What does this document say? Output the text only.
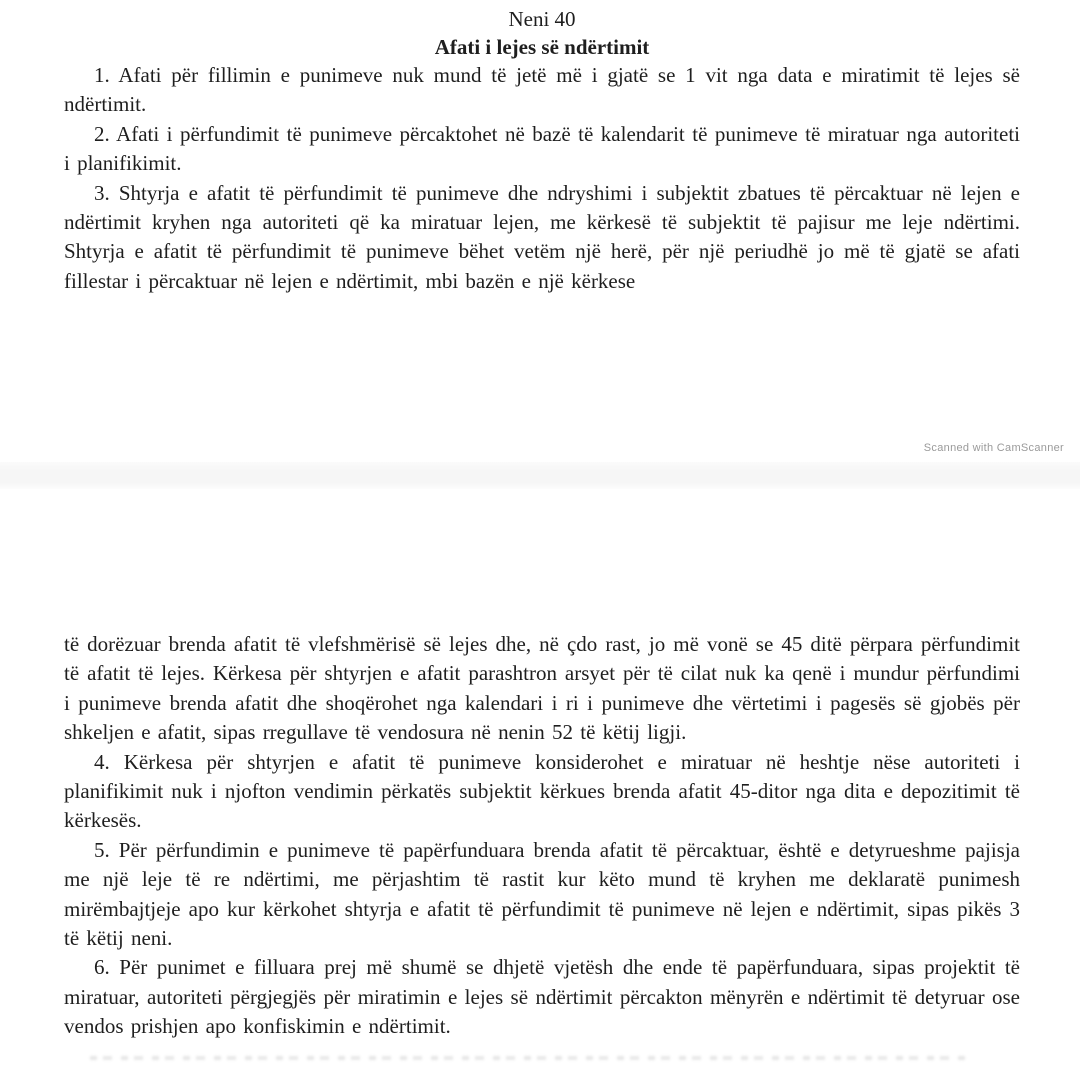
Neni 40

Afati i lejes së ndërtimit

1. Afati për fillimin e punimeve nuk mund të jetë më i gjatë se 1 vit nga data e miratimit të lejes së ndërtimit.

2. Afati i përfundimit të punimeve përcaktohet në bazë të kalendarit të punimeve të miratuar nga autoriteti i planifikimit.

3. Shtyrja e afatit të përfundimit të punimeve dhe ndryshimi i subjektit zbatues të përcaktuar në lejen e ndërtimit kryhen nga autoriteti që ka miratuar lejen, me kërkesë të subjektit të pajisur me leje ndërtimi. Shtyrja e afatit të përfundimit të punimeve bëhet vetëm një herë, për një periudhë jo më të gjatë se afati fillestar i përcaktuar në lejen e ndërtimit, mbi bazën e një kërkese

Scanned with CamScanner

të dorëzuar brenda afatit të vlefshmërisë së lejes dhe, në çdo rast, jo më vonë se 45 ditë përpara përfundimit të afatit të lejes. Kërkesa për shtyrjen e afatit parashtron arsyet për të cilat nuk ka qenë i mundur përfundimi i punimeve brenda afatit dhe shoqërohet nga kalendari i ri i punimeve dhe vërtetimi i pagesës së gjobës për shkeljen e afatit, sipas rregullave të vendosura në nenin 52 të këtij ligji.

4. Kërkesa për shtyrjen e afatit të punimeve konsiderohet e miratuar në heshtje nëse autoriteti i planifikimit nuk i njofton vendimin përkatës subjektit kërkues brenda afatit 45-ditor nga dita e depozitimit të kërkesës.

5. Për përfundimin e punimeve të papërfunduara brenda afatit të përcaktuar, është e detyrueshme pajisja me një leje të re ndërtimi, me përjashtim të rastit kur këto mund të kryhen me deklaratë punimesh mirëmbajtjeje apo kur kërkohet shtyrja e afatit të përfundimit të punimeve në lejen e ndërtimit, sipas pikës 3 të këtij neni.

6. Për punimet e filluara prej më shumë se dhjetë vjetësh dhe ende të papërfunduara, sipas projektit të miratuar, autoriteti përgjegjës për miratimin e lejes së ndërtimit përcakton mënyrën e ndërtimit të detyruar ose vendos prishjen apo konfiskimin e ndërtimit.
